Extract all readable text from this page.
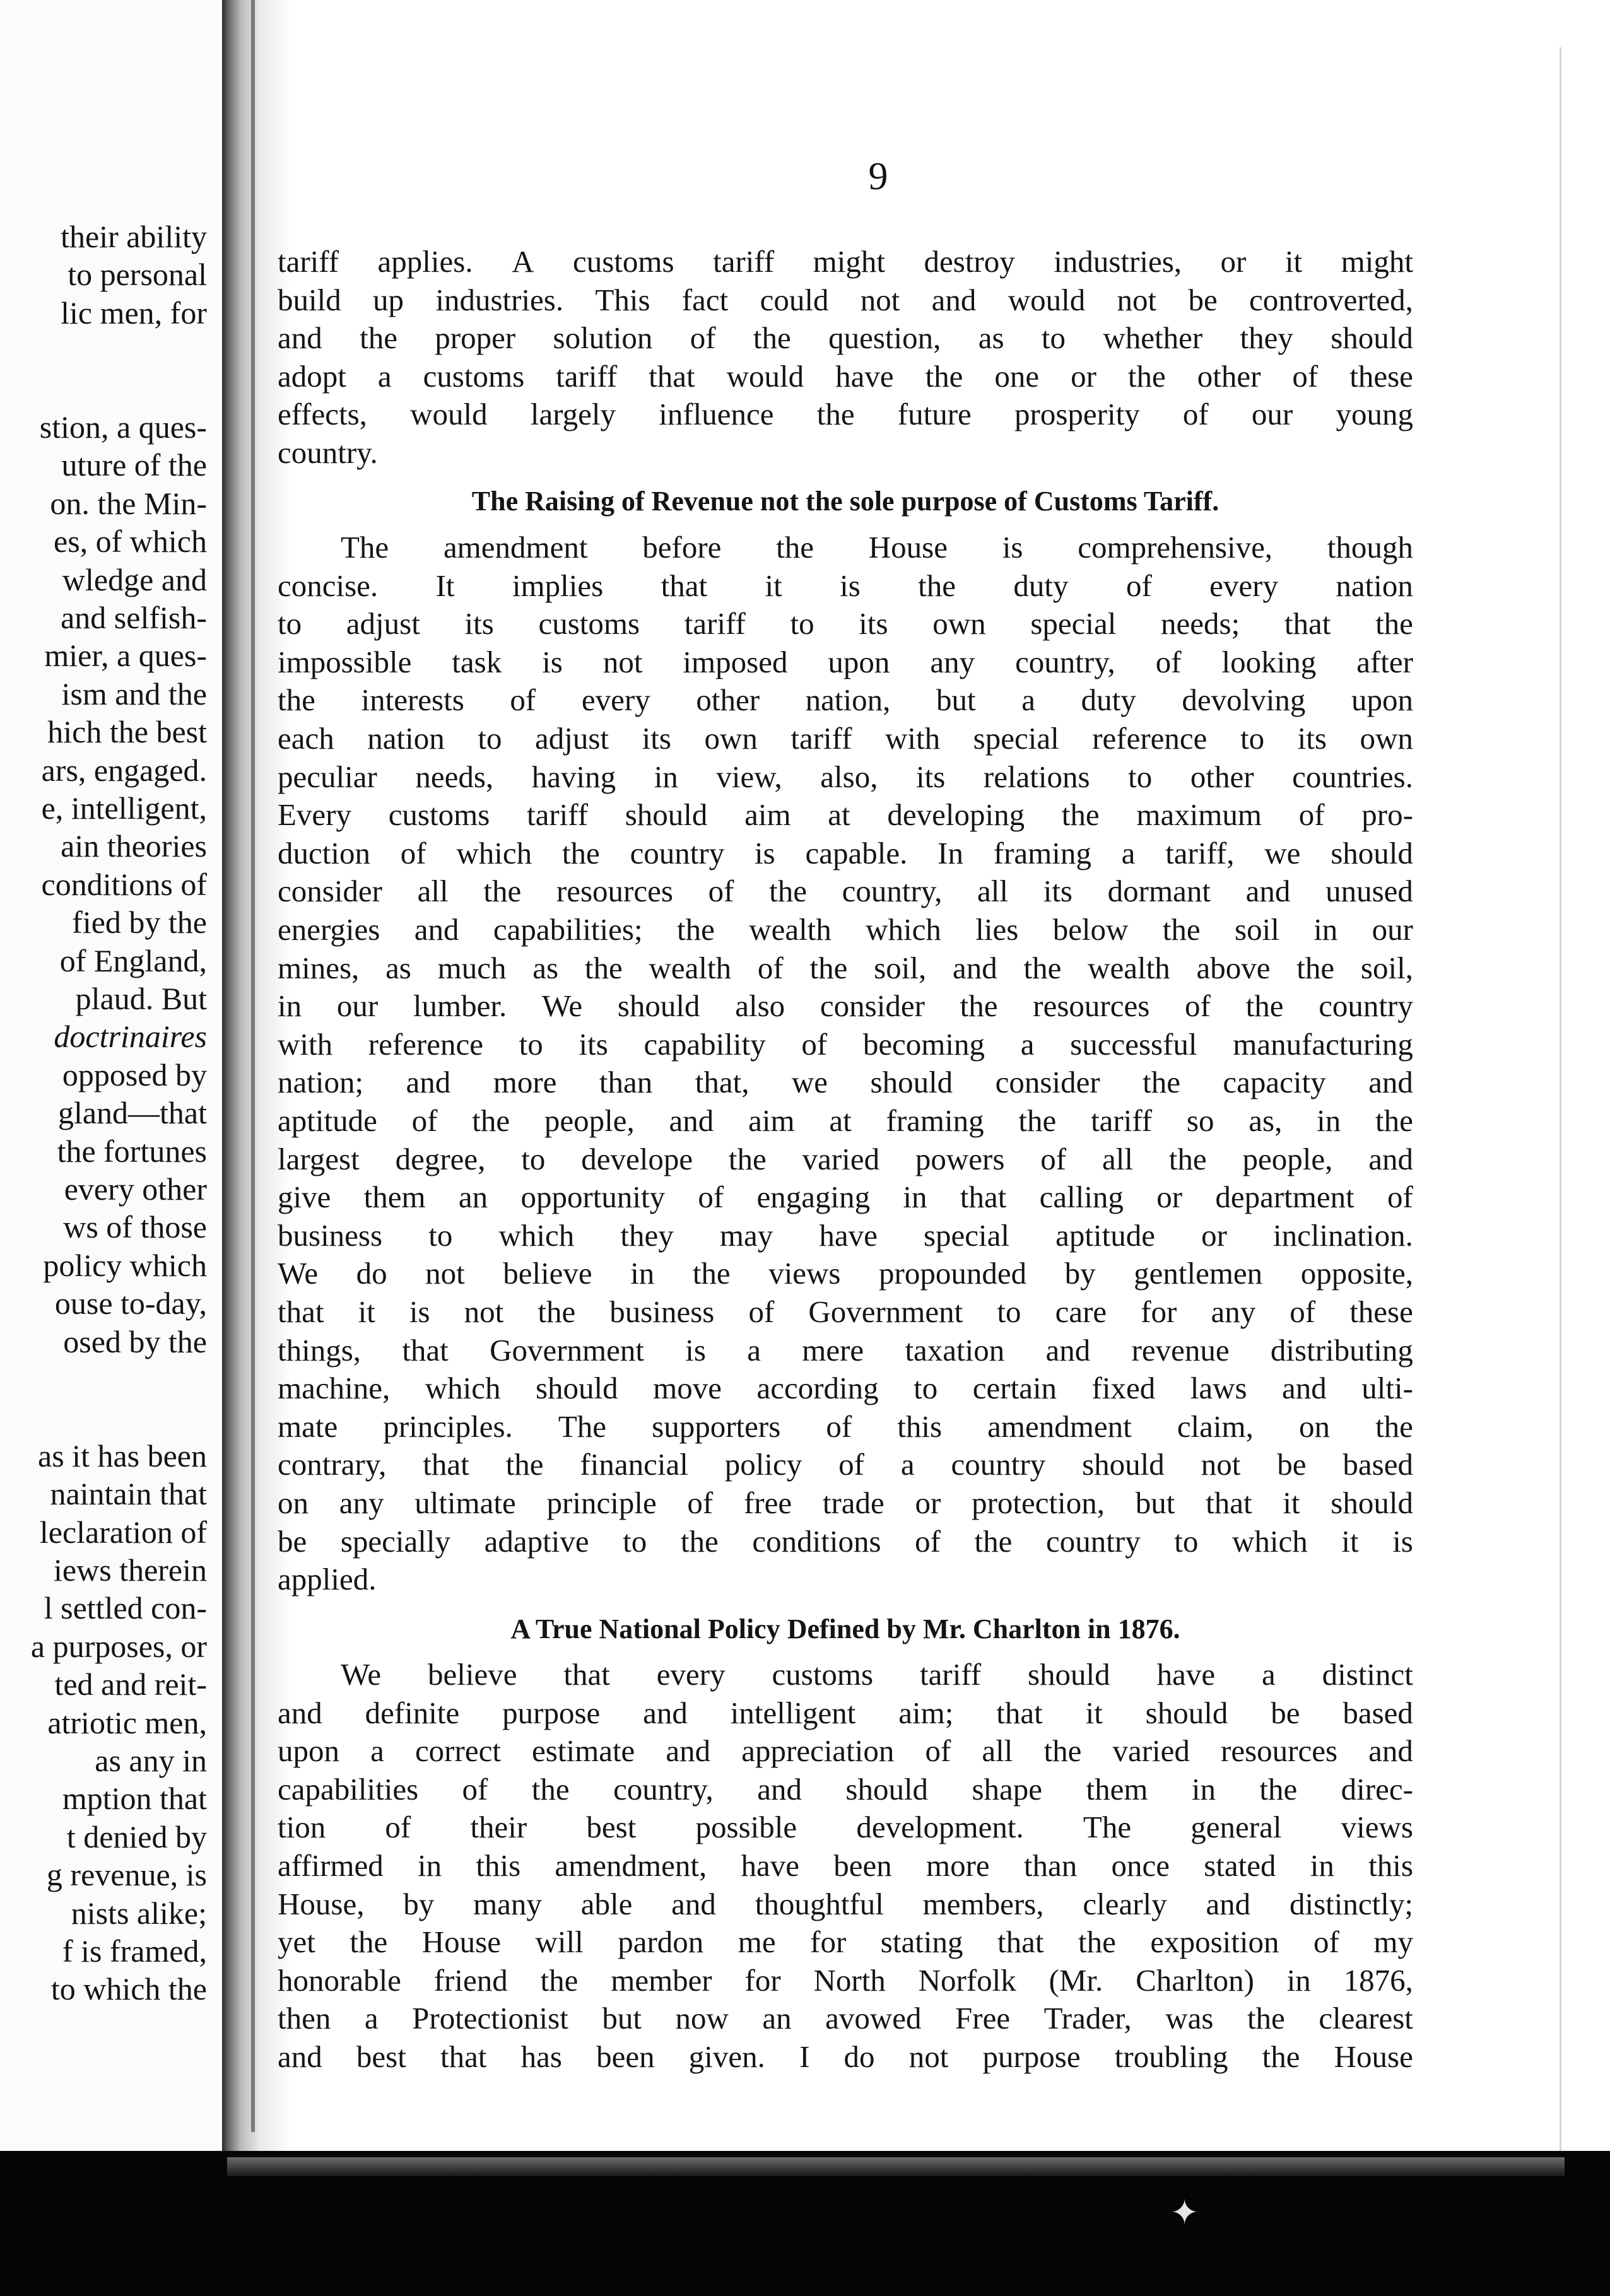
their ability
to personal
lic men, for
stion, a ques-
uture of the
on. the Min-
es, of which
wledge and
and selfish-
mier, a ques-
ism and the
hich the best
ars, engaged.
e, intelligent,
ain theories
conditions of
fied by the
of England,
plaud. But
doctrinaires
opposed by
gland—that
the fortunes
every other
ws of those
policy which
ouse to-day,
osed by the
as it has been
naintain that
leclaration of
iews therein
l settled con-
a purposes, or
ted and reit-
atriotic men,
as any in
mption that
t denied by
g revenue, is
nists alike;
f is framed,
to which the
9
tariff applies. A customs tariff might destroy industries, or it might
build up industries. This fact could not and would not be controverted,
and the proper solution of the question, as to whether they should
adopt a customs tariff that would have the one or the other of these
effects, would largely influence the future prosperity of our young
country.
The Raising of Revenue not the sole purpose of Customs Tariff.
The amendment before the House is comprehensive, though
concise. It implies that it is the duty of every nation
to adjust its customs tariff to its own special needs; that the
impossible task is not imposed upon any country, of looking after
the interests of every other nation, but a duty devolving upon
each nation to adjust its own tariff with special reference to its own
peculiar needs, having in view, also, its relations to other countries.
Every customs tariff should aim at developing the maximum of pro-
duction of which the country is capable. In framing a tariff, we should
consider all the resources of the country, all its dormant and unused
energies and capabilities; the wealth which lies below the soil in our
mines, as much as the wealth of the soil, and the wealth above the soil,
in our lumber. We should also consider the resources of the country
with reference to its capability of becoming a successful manufacturing
nation; and more than that, we should consider the capacity and
aptitude of the people, and aim at framing the tariff so as, in the
largest degree, to develope the varied powers of all the people, and
give them an opportunity of engaging in that calling or department of
business to which they may have special aptitude or inclination.
We do not believe in the views propounded by gentlemen opposite,
that it is not the business of Government to care for any of these
things, that Government is a mere taxation and revenue distributing
machine, which should move according to certain fixed laws and ulti-
mate principles. The supporters of this amendment claim, on the
contrary, that the financial policy of a country should not be based
on any ultimate principle of free trade or protection, but that it should
be specially adaptive to the conditions of the country to which it is
applied.
A True National Policy Defined by Mr. Charlton in 1876.
We believe that every customs tariff should have a distinct
and definite purpose and intelligent aim; that it should be based
upon a correct estimate and appreciation of all the varied resources and
capabilities of the country, and should shape them in the direc-
tion of their best possible development. The general views
affirmed in this amendment, have been more than once stated in this
House, by many able and thoughtful members, clearly and distinctly;
yet the House will pardon me for stating that the exposition of my
honorable friend the member for North Norfolk (Mr. Charlton) in 1876,
then a Protectionist but now an avowed Free Trader, was the clearest
and best that has been given. I do not purpose troubling the House
✦
